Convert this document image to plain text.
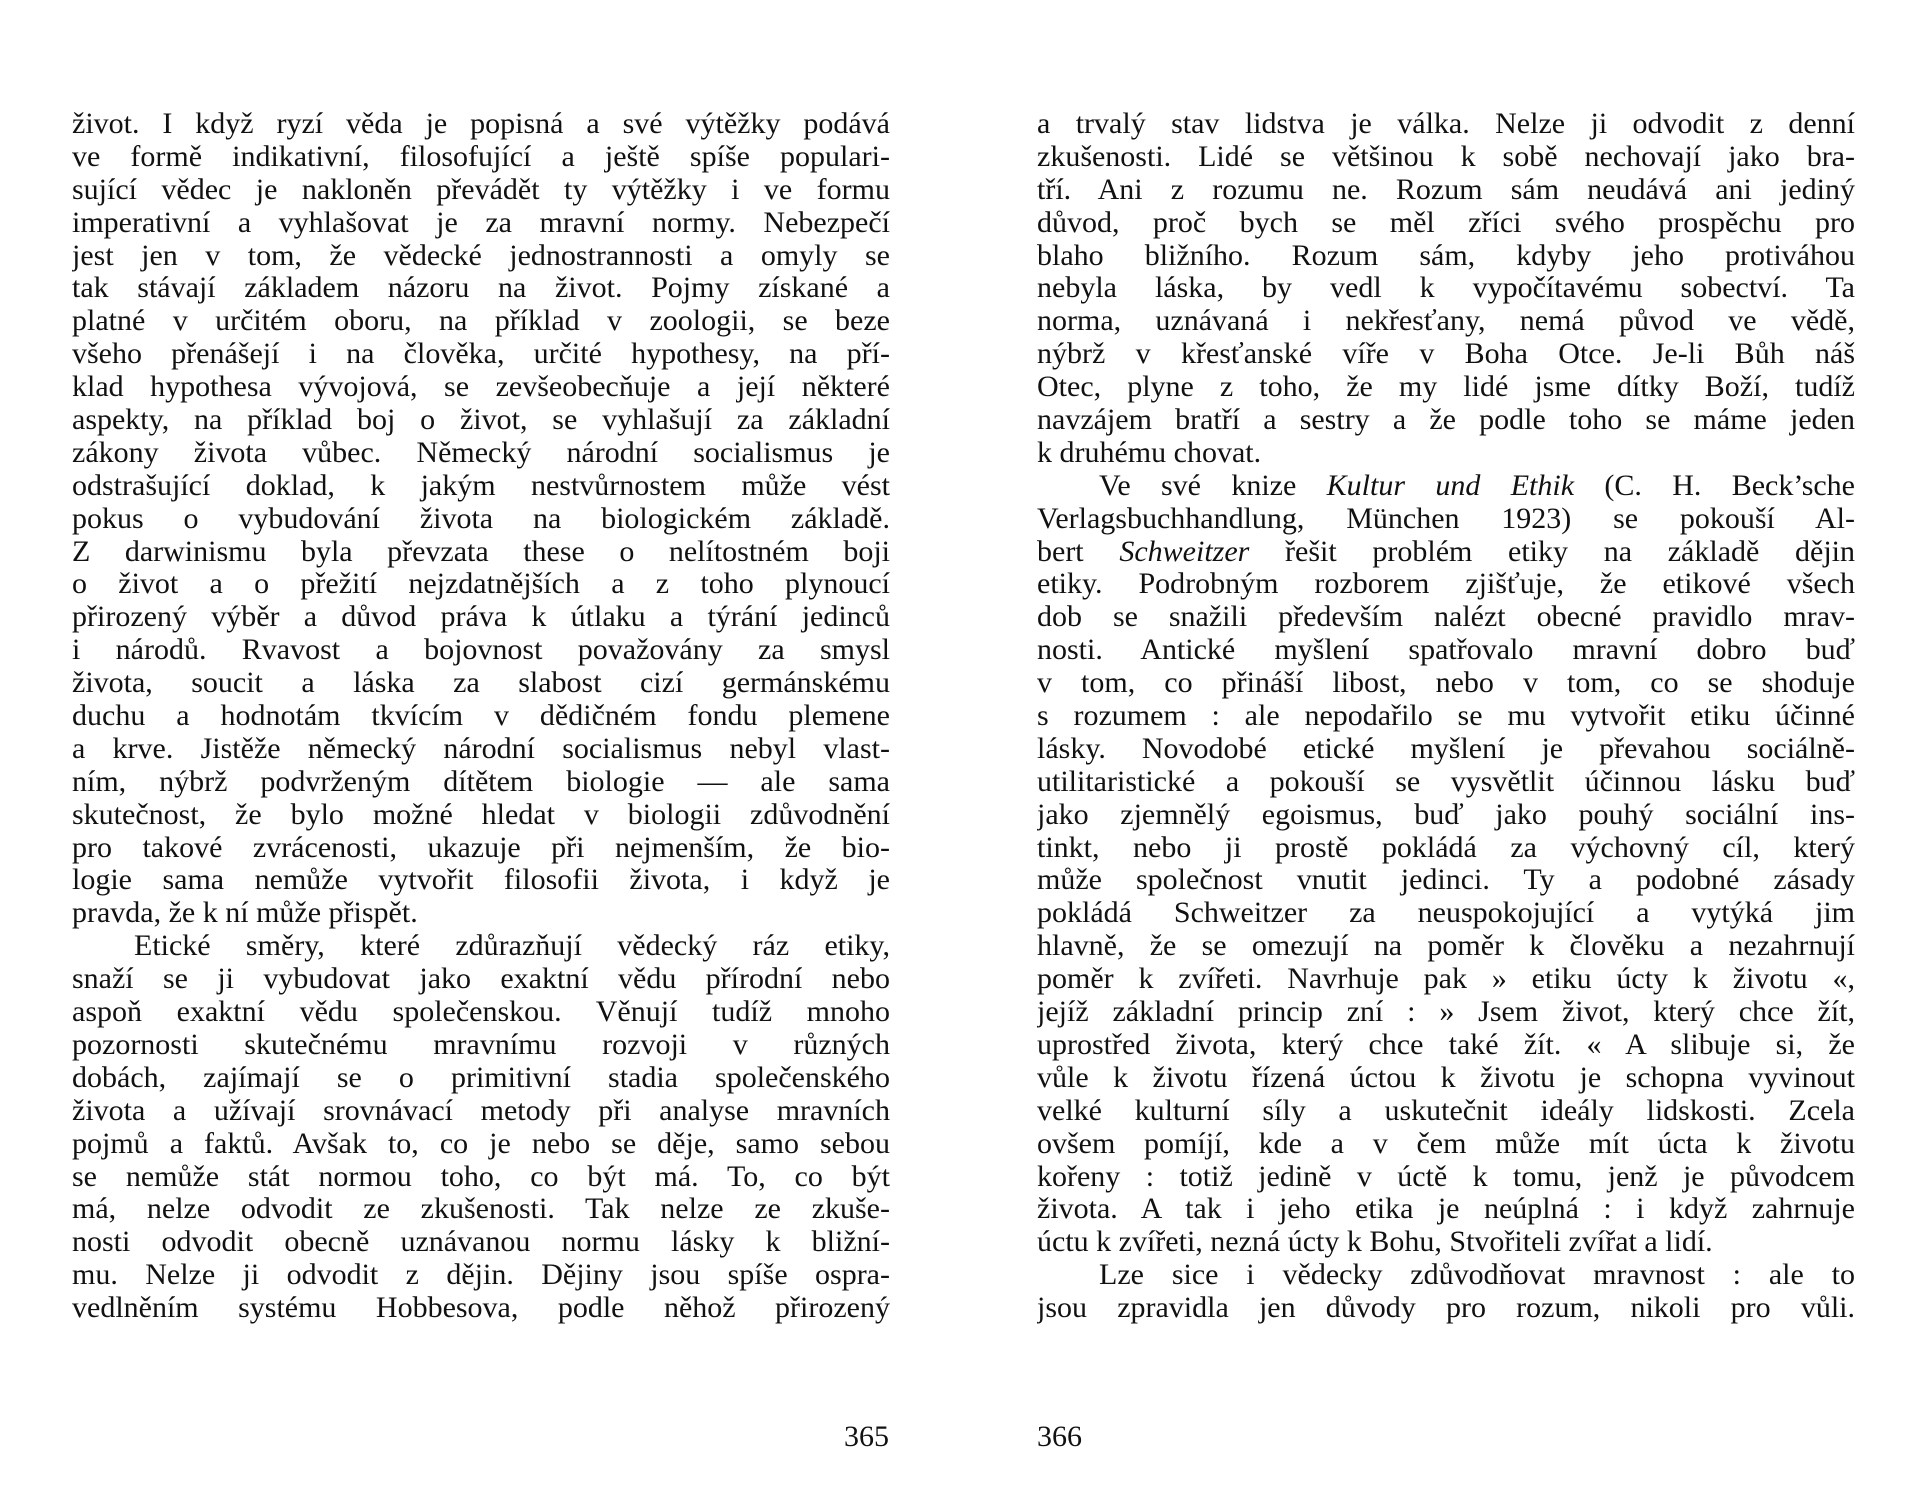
život. I když ryzí věda je popisná a své výtěžky podává
ve formě indikativní, filosofující a ještě spíše populari-
sující vědec je nakloněn převádět ty výtěžky i ve formu
imperativní a vyhlašovat je za mravní normy. Nebezpečí
jest jen v tom, že vědecké jednostrannosti a omyly se
tak stávají základem názoru na život. Pojmy získané a
platné v určitém oboru, na příklad v zoologii, se beze
všeho přenášejí i na člověka, určité hypothesy, na pří-
klad hypothesa vývojová, se zevšeobecňuje a její některé
aspekty, na příklad boj o život, se vyhlašují za základní
zákony života vůbec. Německý národní socialismus je
odstrašující doklad, k jakým nestvůrnostem může vést
pokus o vybudování života na biologickém základě.
Z darwinismu byla převzata these o nelítostném boji
o život a o přežití nejzdatnějších a z toho plynoucí
přirozený výběr a důvod práva k útlaku a týrání jedinců
i národů. Rvavost a bojovnost považovány za smysl
života, soucit a láska za slabost cizí germánskému
duchu a hodnotám tkvícím v dědičném fondu plemene
a krve. Jistěže německý národní socialismus nebyl vlast-
ním, nýbrž podvrženým dítětem biologie — ale sama
skutečnost, že bylo možné hledat v biologii zdůvodnění
pro takové zvrácenosti, ukazuje při nejmenším, že bio-
logie sama nemůže vytvořit filosofii života, i když je
pravda, že k ní může přispět.
Etické směry, které zdůrazňují vědecký ráz etiky,
snaží se ji vybudovat jako exaktní vědu přírodní nebo
aspoň exaktní vědu společenskou. Věnují tudíž mnoho
pozornosti skutečnému mravnímu rozvoji v různých
dobách, zajímají se o primitivní stadia společenského
života a užívají srovnávací metody při analyse mravních
pojmů a faktů. Avšak to, co je nebo se děje, samo sebou
se nemůže stát normou toho, co být má. To, co být
má, nelze odvodit ze zkušenosti. Tak nelze ze zkuše-
nosti odvodit obecně uznávanou normu lásky k bližní-
mu. Nelze ji odvodit z dějin. Dějiny jsou spíše ospra-
vedlněním systému Hobbesova, podle něhož přirozený
365
a trvalý stav lidstva je válka. Nelze ji odvodit z denní
zkušenosti. Lidé se většinou k sobě nechovají jako bra-
tří. Ani z rozumu ne. Rozum sám neudává ani jediný
důvod, proč bych se měl zříci svého prospěchu pro
blaho bližního. Rozum sám, kdyby jeho protiváhou
nebyla láska, by vedl k vypočítavému sobectví. Ta
norma, uznávaná i nekřesťany, nemá původ ve vědě,
nýbrž v křesťanské víře v Boha Otce. Je-li Bůh náš
Otec, plyne z toho, že my lidé jsme dítky Boží, tudíž
navzájem bratří a sestry a že podle toho se máme jeden
k druhému chovat.
Ve své knize Kultur und Ethik (C. H. Beck’sche
Verlagsbuchhandlung, München 1923) se pokouší Al-
bert Schweitzer řešit problém etiky na základě dějin
etiky. Podrobným rozborem zjišťuje, že etikové všech
dob se snažili především nalézt obecné pravidlo mrav-
nosti. Antické myšlení spatřovalo mravní dobro buď
v tom, co přináší libost, nebo v tom, co se shoduje
s rozumem : ale nepodařilo se mu vytvořit etiku účinné
lásky. Novodobé etické myšlení je převahou sociálně-
utilitaristické a pokouší se vysvětlit účinnou lásku buď
jako zjemnělý egoismus, buď jako pouhý sociální ins-
tinkt, nebo ji prostě pokládá za výchovný cíl, který
může společnost vnutit jedinci. Ty a podobné zásady
pokládá Schweitzer za neuspokojující a vytýká jim
hlavně, že se omezují na poměr k člověku a nezahrnují
poměr k zvířeti. Navrhuje pak » etiku úcty k životu «,
jejíž základní princip zní : » Jsem život, který chce žít,
uprostřed života, který chce také žít. « A slibuje si, že
vůle k životu řízená úctou k životu je schopna vyvinout
velké kulturní síly a uskutečnit ideály lidskosti. Zcela
ovšem pomíjí, kde a v čem může mít úcta k životu
kořeny : totiž jedině v úctě k tomu, jenž je původcem
života. A tak i jeho etika je neúplná : i když zahrnuje
úctu k zvířeti, nezná úcty k Bohu, Stvořiteli zvířat a lidí.
Lze sice i vědecky zdůvodňovat mravnost : ale to
jsou zpravidla jen důvody pro rozum, nikoli pro vůli.
366
